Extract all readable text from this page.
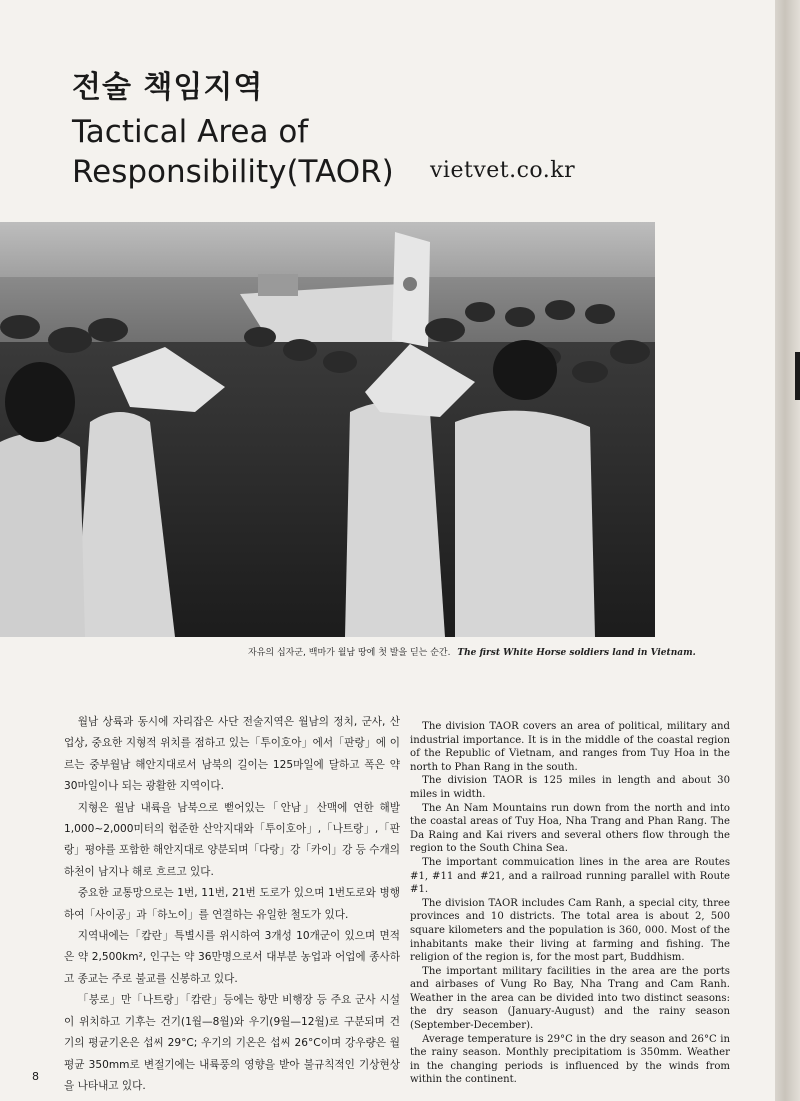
전술 책임지역
Tactical Area of Responsibility(TAOR) vietvet.co.kr
자유의 십자군, 백마가 월남 땅에 첫 발을 딛는 순간. The first White Horse soldiers land in Vietnam.

월남 상륙과 동시에 자리잡은 사단 전술지역은 월남의 정치, 군사, 산업상, 중요한 지형적 위치를 점하고 있는「투이호아」에서「판랑」에 이르는 중부월남 해안지대로서 남북의 길이는 125마일에 달하고 폭은 약 30마일이나 되는 광활한 지역이다.

지형은 월남 내륙을 남북으로 뻗어있는「안남」산맥에 연한 해발 1,000~2,000미터의 험준한 산악지대와「투이호아」,「나트랑」,「판랑」평야를 포함한 해안지대로 양분되며「다랑」강「카이」강 등 수개의 하천이 남지나 해로 흐르고 있다.

중요한 교통망으로는 1번, 11번, 21번 도로가 있으며 1번도로와 병행하여「사이공」과「하노이」를 연결하는 유일한 철도가 있다.

지역내에는「캄란」특별시를 위시하여 3개성 10개군이 있으며 면적은 약 2,500km², 인구는 약 36만명으로서 대부분 농업과 어업에 종사하고 종교는 주로 불교를 신봉하고 있다.

「붕로」만「나트랑」「캄란」등에는 항만 비행장 등 주요 군사 시설이 위치하고 기후는 건기(1월—8월)와 우기(9월—12월)로 구분되며 건기의 평균기온은 섭씨 29°C; 우기의 기온은 섭씨 26°C이며 강우량은 월평균 350mm로 변절기에는 내륙풍의 영향을 받아 불규칙적인 기상현상을 나타내고 있다.

The division TAOR covers an area of political, military and industrial importance. It is in the middle of the coastal region of the Republic of Vietnam, and ranges from Tuy Hoa in the north to Phan Rang in the south.

The division TAOR is 125 miles in length and about 30 miles in width.

The An Nam Mountains run down from the north and into the coastal areas of Tuy Hoa, Nha Trang and Phan Rang. The Da Raing and Kai rivers and several others flow through the region to the South China Sea.

The important commuication lines in the area are Routes #1, #11 and #21, and a railroad running parallel with Route #1.

The division TAOR includes Cam Ranh, a special city, three provinces and 10 districts. The total area is about 2, 500 square kilometers and the population is 360, 000. Most of the inhabitants make their living at farming and fishing. The religion of the region is, for the most part, Buddhism.

The important military facilities in the area are the ports and airbases of Vung Ro Bay, Nha Trang and Cam Ranh. Weather in the area can be divided into two distinct seasons: the dry season (January-August) and the rainy season (September-December).

Average temperature is 29°C in the dry season and 26°C in the rainy season. Monthly precipitatiom is 350mm. Weather in the changing periods is influenced by the winds from within the continent.

8
